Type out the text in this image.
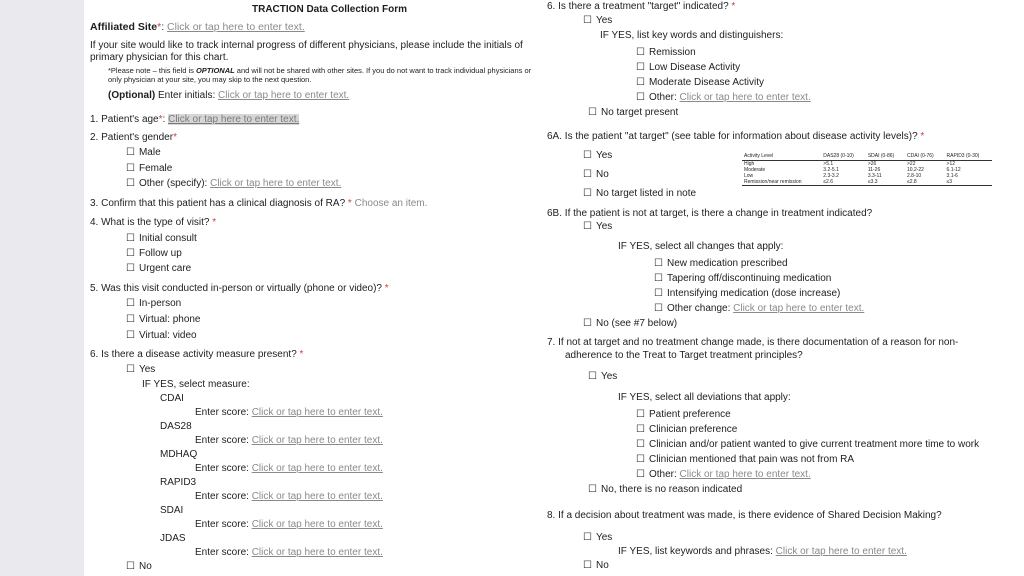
TRACTION Data Collection Form
Affiliated Site*: Click or tap here to enter text.
If your site would like to track internal progress of different physicians, please include the initials of
primary physician for this chart.
*Please note – this field is OPTIONAL and will not be shared with other sites. If you do not want to track individual physicians or
only physician at your site, you may skip to the next question.
(Optional) Enter initials: Click or tap here to enter text.
1. Patient's age*: Click or tap here to enter text.
2. Patient's gender*
☐ Male
☐ Female
☐ Other (specify): Click or tap here to enter text.
3. Confirm that this patient has a clinical diagnosis of RA? * Choose an item.
4. What is the type of visit? *
☐ Initial consult
☐ Follow up
☐ Urgent care
5. Was this visit conducted in-person or virtually (phone or video)? *
☐ In-person
☐ Virtual: phone
☐ Virtual: video
6. Is there a disease activity measure present? *
☐ Yes
IF YES, select measure:
CDAI
Enter score: Click or tap here to enter text.
DAS28
Enter score: Click or tap here to enter text.
MDHAQ
Enter score: Click or tap here to enter text.
RAPID3
Enter score: Click or tap here to enter text.
SDAI
Enter score: Click or tap here to enter text.
JDAS
Enter score: Click or tap here to enter text.
☐ No
6. Is there a treatment "target" indicated? *
☐ Yes
IF YES, list key words and distinguishers:
☐ Remission
☐ Low Disease Activity
☐ Moderate Disease Activity
☐ Other: Click or tap here to enter text.
☐ No target present
6A. Is the patient "at target" (see table for information about disease activity levels)? *
☐ Yes
☐ No
☐ No target listed in note
Activity Level	DAS28 (0-10)	SDAI (0-86)	CDAI (0-76)	RAPID3 (0-30)
High	>5.1	>26	>22	>12
Moderate	3.2-5.1	11-26	10.2-22	6.1-12
Low	2.3-3.2	3.3-11	2.8-10	3.1-6
Remission/near remission	≤2.6	≤3.3	≤2.8	≤3
6B. If the patient is not at target, is there a change in treatment indicated?
☐ Yes
IF YES, select all changes that apply:
☐ New medication prescribed
☐ Tapering off/discontinuing medication
☐ Intensifying medication (dose increase)
☐ Other change: Click or tap here to enter text.
☐ No (see #7 below)
7. If not at target and no treatment change made, is there documentation of a reason for non-
adherence to the Treat to Target treatment principles?
☐ Yes
IF YES, select all deviations that apply:
☐ Patient preference
☐ Clinician preference
☐ Clinician and/or patient wanted to give current treatment more time to work
☐ Clinician mentioned that pain was not from RA
☐ Other: Click or tap here to enter text.
☐ No, there is no reason indicated
8. If a decision about treatment was made, is there evidence of Shared Decision Making?
☐ Yes
IF YES, list keywords and phrases: Click or tap here to enter text.
☐ No
